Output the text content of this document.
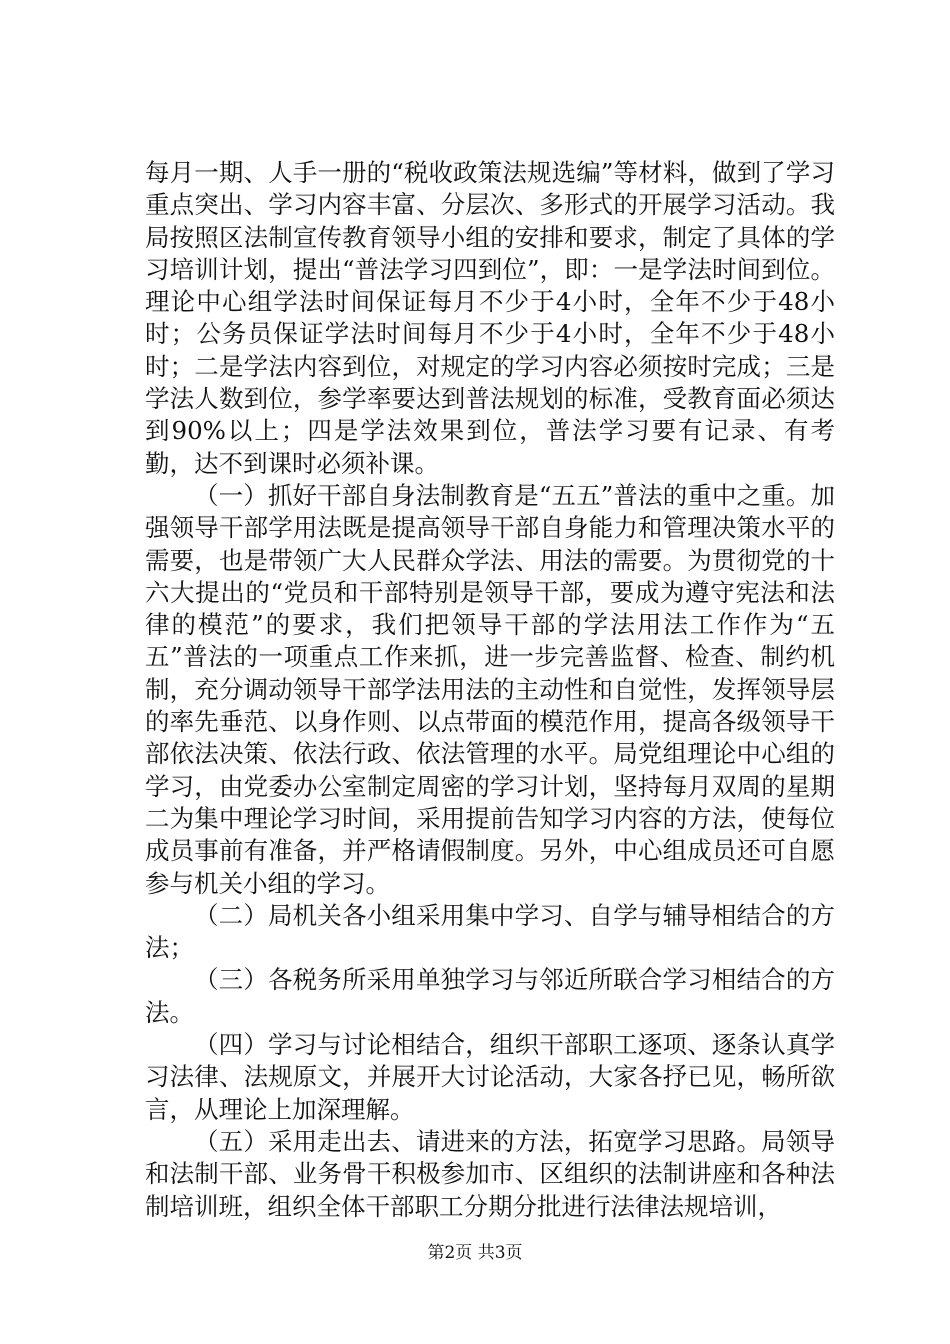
每月一期、人手一册的“税收政策法规选编”等材料，做到了学习重点突出、学习内容丰富、分层次、多形式的开展学习活动。我局按照区法制宣传教育领导小组的安排和要求，制定了具体的学习培训计划，提出“普法学习四到位”，即：一是学法时间到位。理论中心组学法时间保证每月不少于4小时，全年不少于48小时；公务员保证学法时间每月不少于4小时，全年不少于48小时；二是学法内容到位，对规定的学习内容必须按时完成；三是学法人数到位，参学率要达到普法规划的标准，受教育面必须达到90%以上；四是学法效果到位，普法学习要有记录、有考勤，达不到课时必须补课。

（一）抓好干部自身法制教育是“五五”普法的重中之重。加强领导干部学用法既是提高领导干部自身能力和管理决策水平的需要，也是带领广大人民群众学法、用法的需要。为贯彻党的十六大提出的“党员和干部特别是领导干部，要成为遵守宪法和法律的模范”的要求，我们把领导干部的学法用法工作作为“五五”普法的一项重点工作来抓，进一步完善监督、检查、制约机制，充分调动领导干部学法用法的主动性和自觉性，发挥领导层的率先垂范、以身作则、以点带面的模范作用，提高各级领导干部依法决策、依法行政、依法管理的水平。局党组理论中心组的学习，由党委办公室制定周密的学习计划，坚持每月双周的星期二为集中理论学习时间，采用提前告知学习内容的方法，使每位成员事前有准备，并严格请假制度。另外，中心组成员还可自愿参与机关小组的学习。

（二）局机关各小组采用集中学习、自学与辅导相结合的方法；

（三）各税务所采用单独学习与邻近所联合学习相结合的方法。

（四）学习与讨论相结合，组织干部职工逐项、逐条认真学习法律、法规原文，并展开大讨论活动，大家各抒已见，畅所欲言，从理论上加深理解。

（五）采用走出去、请进来的方法，拓宽学习思路。局领导和法制干部、业务骨干积极参加市、区组织的法制讲座和各种法制培训班，组织全体干部职工分期分批进行法律法规培训，

第2页 共3页
